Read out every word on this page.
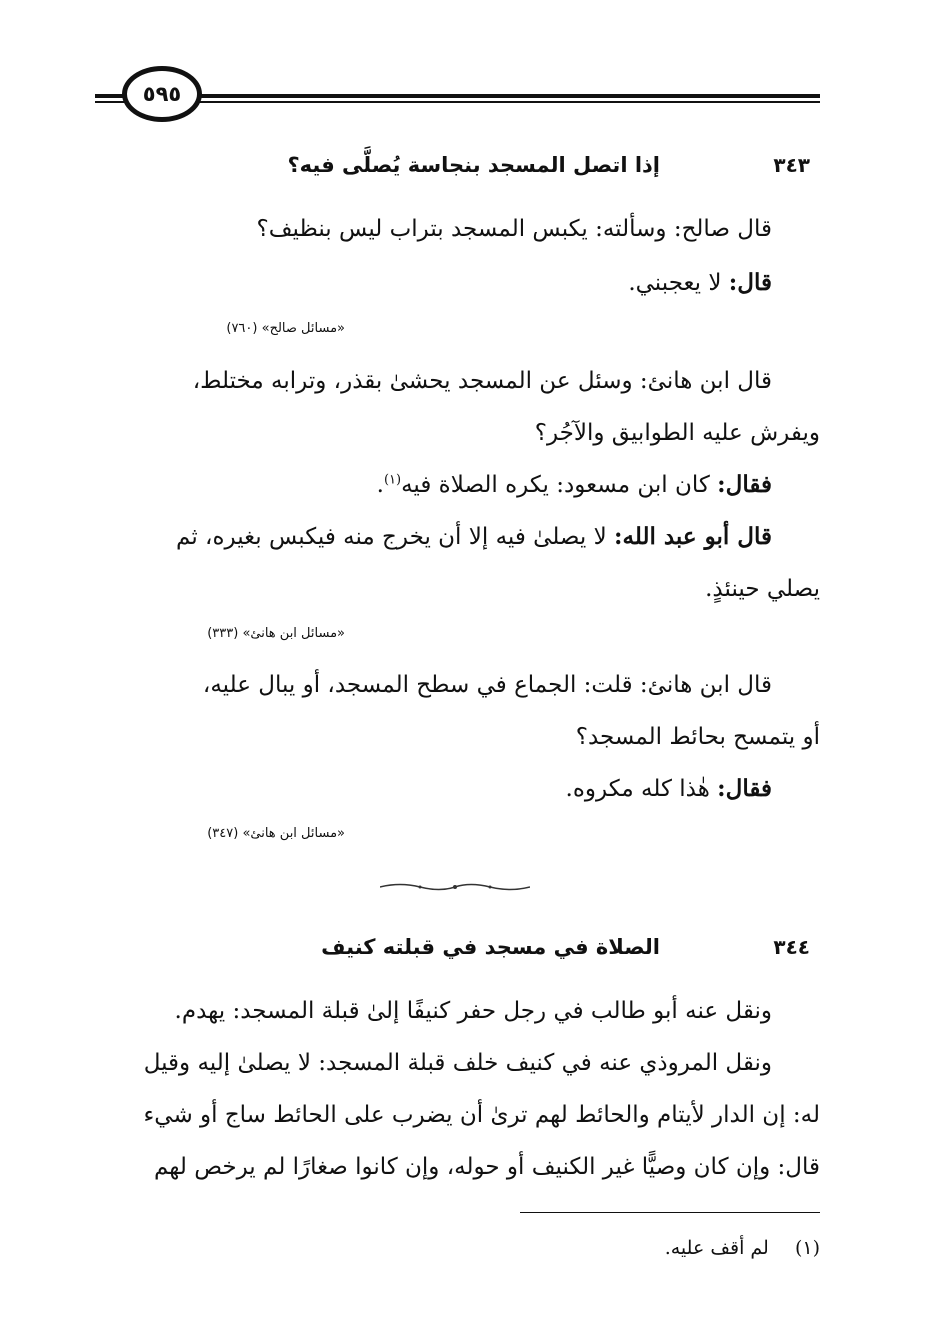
٥٩٥
٣٤٣
إذا اتصل المسجد بنجاسة يُصلَّى فيه؟
قال صالح: وسألته: يكبس المسجد بتراب ليس بنظيف؟
قال: لا يعجبني.
«مسائل صالح» (٧٦٠)
قال ابن هانئ: وسئل عن المسجد يحشىٰ بقذر، وترابه مختلط،
ويفرش عليه الطوابيق والآجُر؟
فقال: كان ابن مسعود: يكره الصلاة فيه$^{(١)}$.
قال أبو عبد الله: لا يصلىٰ فيه إلا أن يخرج منه فيكبس بغيره، ثم
يصلي حينئذٍ.
«مسائل ابن هانئ» (٣٣٣)
قال ابن هانئ: قلت: الجماع في سطح المسجد، أو يبال عليه،
أو يتمسح بحائط المسجد؟
فقال: هٰذا كله مكروه.
«مسائل ابن هانئ» (٣٤٧)
٣٤٤
الصلاة في مسجد في قبلته كنيف
ونقل عنه أبو طالب في رجل حفر كنيفًا إلىٰ قبلة المسجد: يهدم.
ونقل المروذي عنه في كنيف خلف قبلة المسجد: لا يصلىٰ إليه وقيل
له: إن الدار لأيتام والحائط لهم ترىٰ أن يضرب على الحائط ساج أو شيء
قال: وإن كان وصيًّا غير الكنيف أو حوله، وإن كانوا صغارًا لم يرخص لهم
(١)  لم أقف عليه.
